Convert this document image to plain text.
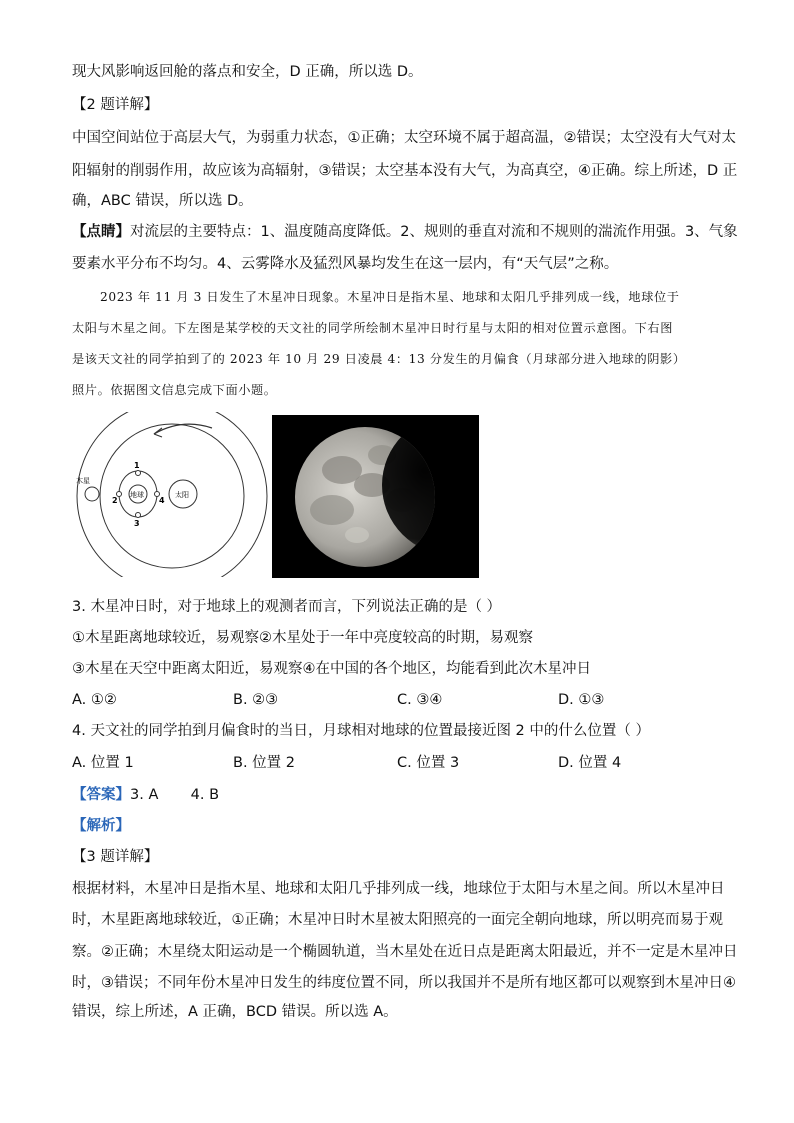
现大风影响返回舱的落点和安全，D 正确，所以选 D。
【2 题详解】
中国空间站位于高层大气，为弱重力状态，①正确；太空环境不属于超高温，②错误；太空没有大气对太
阳辐射的削弱作用，故应该为高辐射，③错误；太空基本没有大气，为高真空，④正确。综上所述，D 正
确，ABC 错误，所以选 D。
【点睛】对流层的主要特点：1、温度随高度降低。2、规则的垂直对流和不规则的湍流作用强。3、气象
要素水平分布不均匀。4、云雾降水及猛烈风暴均发生在这一层内，有“天气层”之称。
2023 年 11 月 3 日发生了木星冲日现象。木星冲日是指木星、地球和太阳几乎排列成一线，地球位于
太阳与木星之间。下左图是某学校的天文社的同学所绘制木星冲日时行星与太阳的相对位置示意图。下右图
是该天文社的同学拍到了的 2023 年 10 月 29 日凌晨 4：13 分发生的月偏食（月球部分进入地球的阴影）
照片。依据图文信息完成下面小题。
木星
地球	太阳
1
2
3
4
3. 木星冲日时，对于地球上的观测者而言，下列说法正确的是（ ）
①木星距离地球较近，易观察②木星处于一年中亮度较高的时期，易观察
③木星在天空中距离太阳近，易观察④在中国的各个地区，均能看到此次木星冲日
A. ①②	B. ②③	C. ③④	D. ①③
4. 天文社的同学拍到月偏食时的当日，月球相对地球的位置最接近图 2 中的什么位置（ ）
A. 位置 1	B. 位置 2	C. 位置 3	D. 位置 4
【答案】3. A       4. B
【解析】
【3 题详解】
根据材料，木星冲日是指木星、地球和太阳几乎排列成一线，地球位于太阳与木星之间。所以木星冲日
时，木星距离地球较近，①正确；木星冲日时木星被太阳照亮的一面完全朝向地球，所以明亮而易于观
察。②正确；木星绕太阳运动是一个椭圆轨道，当木星处在近日点是距离太阳最近，并不一定是木星冲日
时，③错误；不同年份木星冲日发生的纬度位置不同，所以我国并不是所有地区都可以观察到木星冲日④
错误，综上所述，A 正确，BCD 错误。所以选 A。
